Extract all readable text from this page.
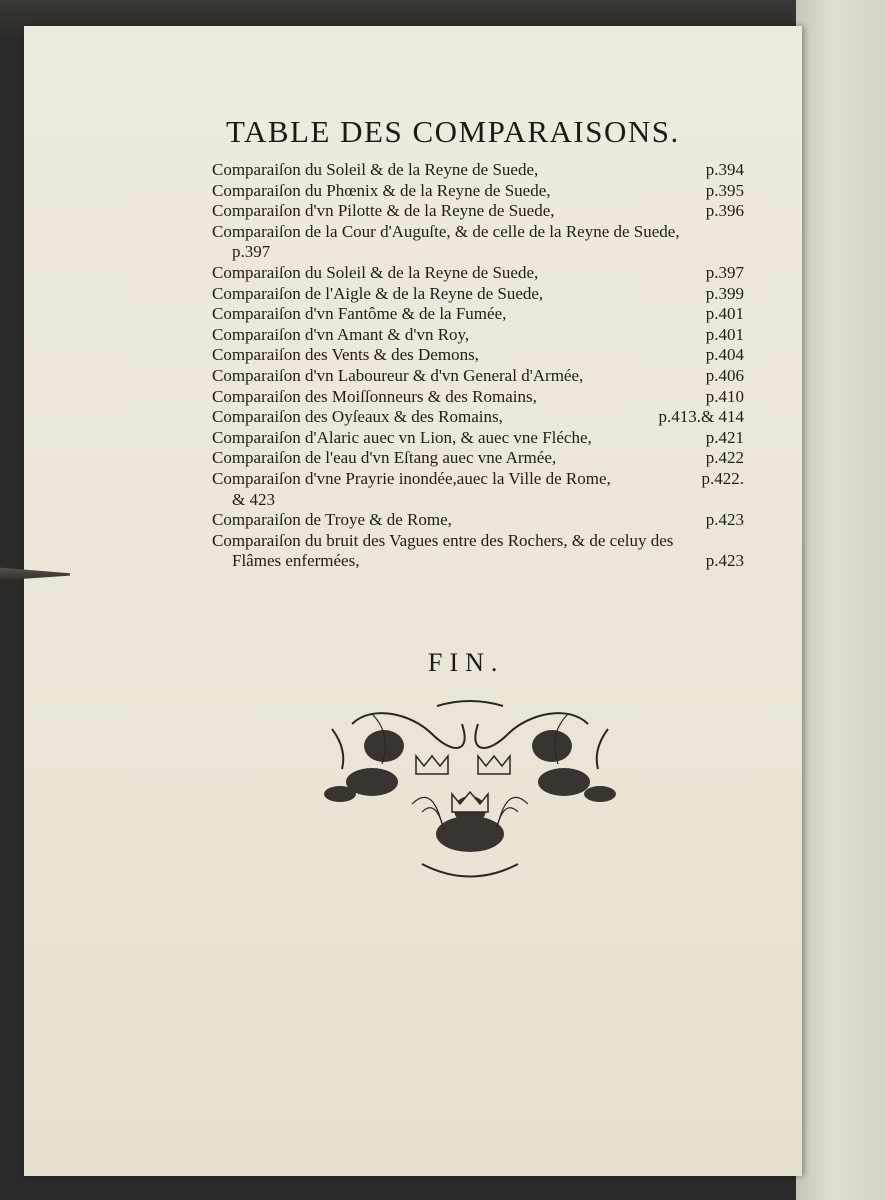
TABLE DES COMPARAISONS.
Comparaiſon du Soleil & de la Reyne de Suede,	p.394
Comparaiſon du Phœnix & de la Reyne de Suede,	p.395
Comparaiſon d'vn Pilotte & de la Reyne de Suede,	p.396
Comparaiſon de la Cour d'Auguſte, & de celle de la Reyne de Suede,
p.397
Comparaiſon du Soleil & de la Reyne de Suede,	p.397
Comparaiſon de l'Aigle & de la Reyne de Suede,	p.399
Comparaiſon d'vn Fantôme & de la Fumée,	p.401
Comparaiſon d'vn Amant & d'vn Roy,	p.401
Comparaiſon des Vents & des Demons,	p.404
Comparaiſon d'vn Laboureur & d'vn General d'Armée,	p.406
Comparaiſon des Moiſſonneurs & des Romains,	p.410
Comparaiſon des Oyſeaux & des Romains,	p.413.& 414
Comparaiſon d'Alaric auec vn Lion, & auec vne Fléche,	p.421
Comparaiſon de l'eau d'vn Eſtang auec vne Armée,	p.422
Comparaiſon d'vne Prayrie inondée,auec la Ville de Rome,	p.422.
& 423
Comparaiſon de Troye & de Rome,	p.423
Comparaiſon du bruit des Vagues entre des Rochers, & de celuy des
Flâmes enfermées,	p.423
FIN.
